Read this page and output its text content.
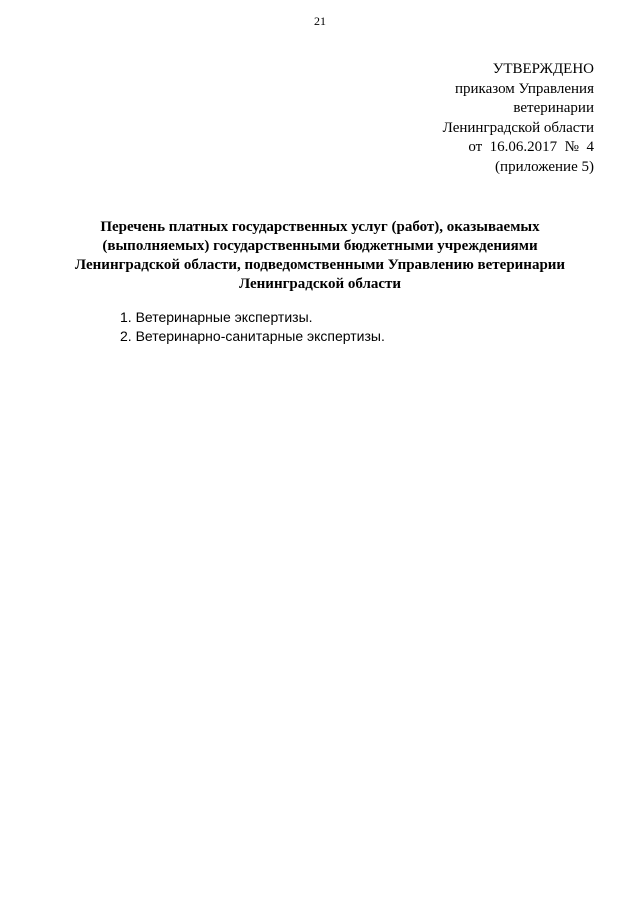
21
УТВЕРЖДЕНО
приказом Управления
ветеринарии
Ленинградской области
от  16.06.2017  №  4
(приложение 5)
Перечень платных государственных услуг (работ), оказываемых
(выполняемых) государственными бюджетными учреждениями
Ленинградской области, подведомственными Управлению ветеринарии
Ленинградской области
1. Ветеринарные экспертизы.
2. Ветеринарно-санитарные экспертизы.
